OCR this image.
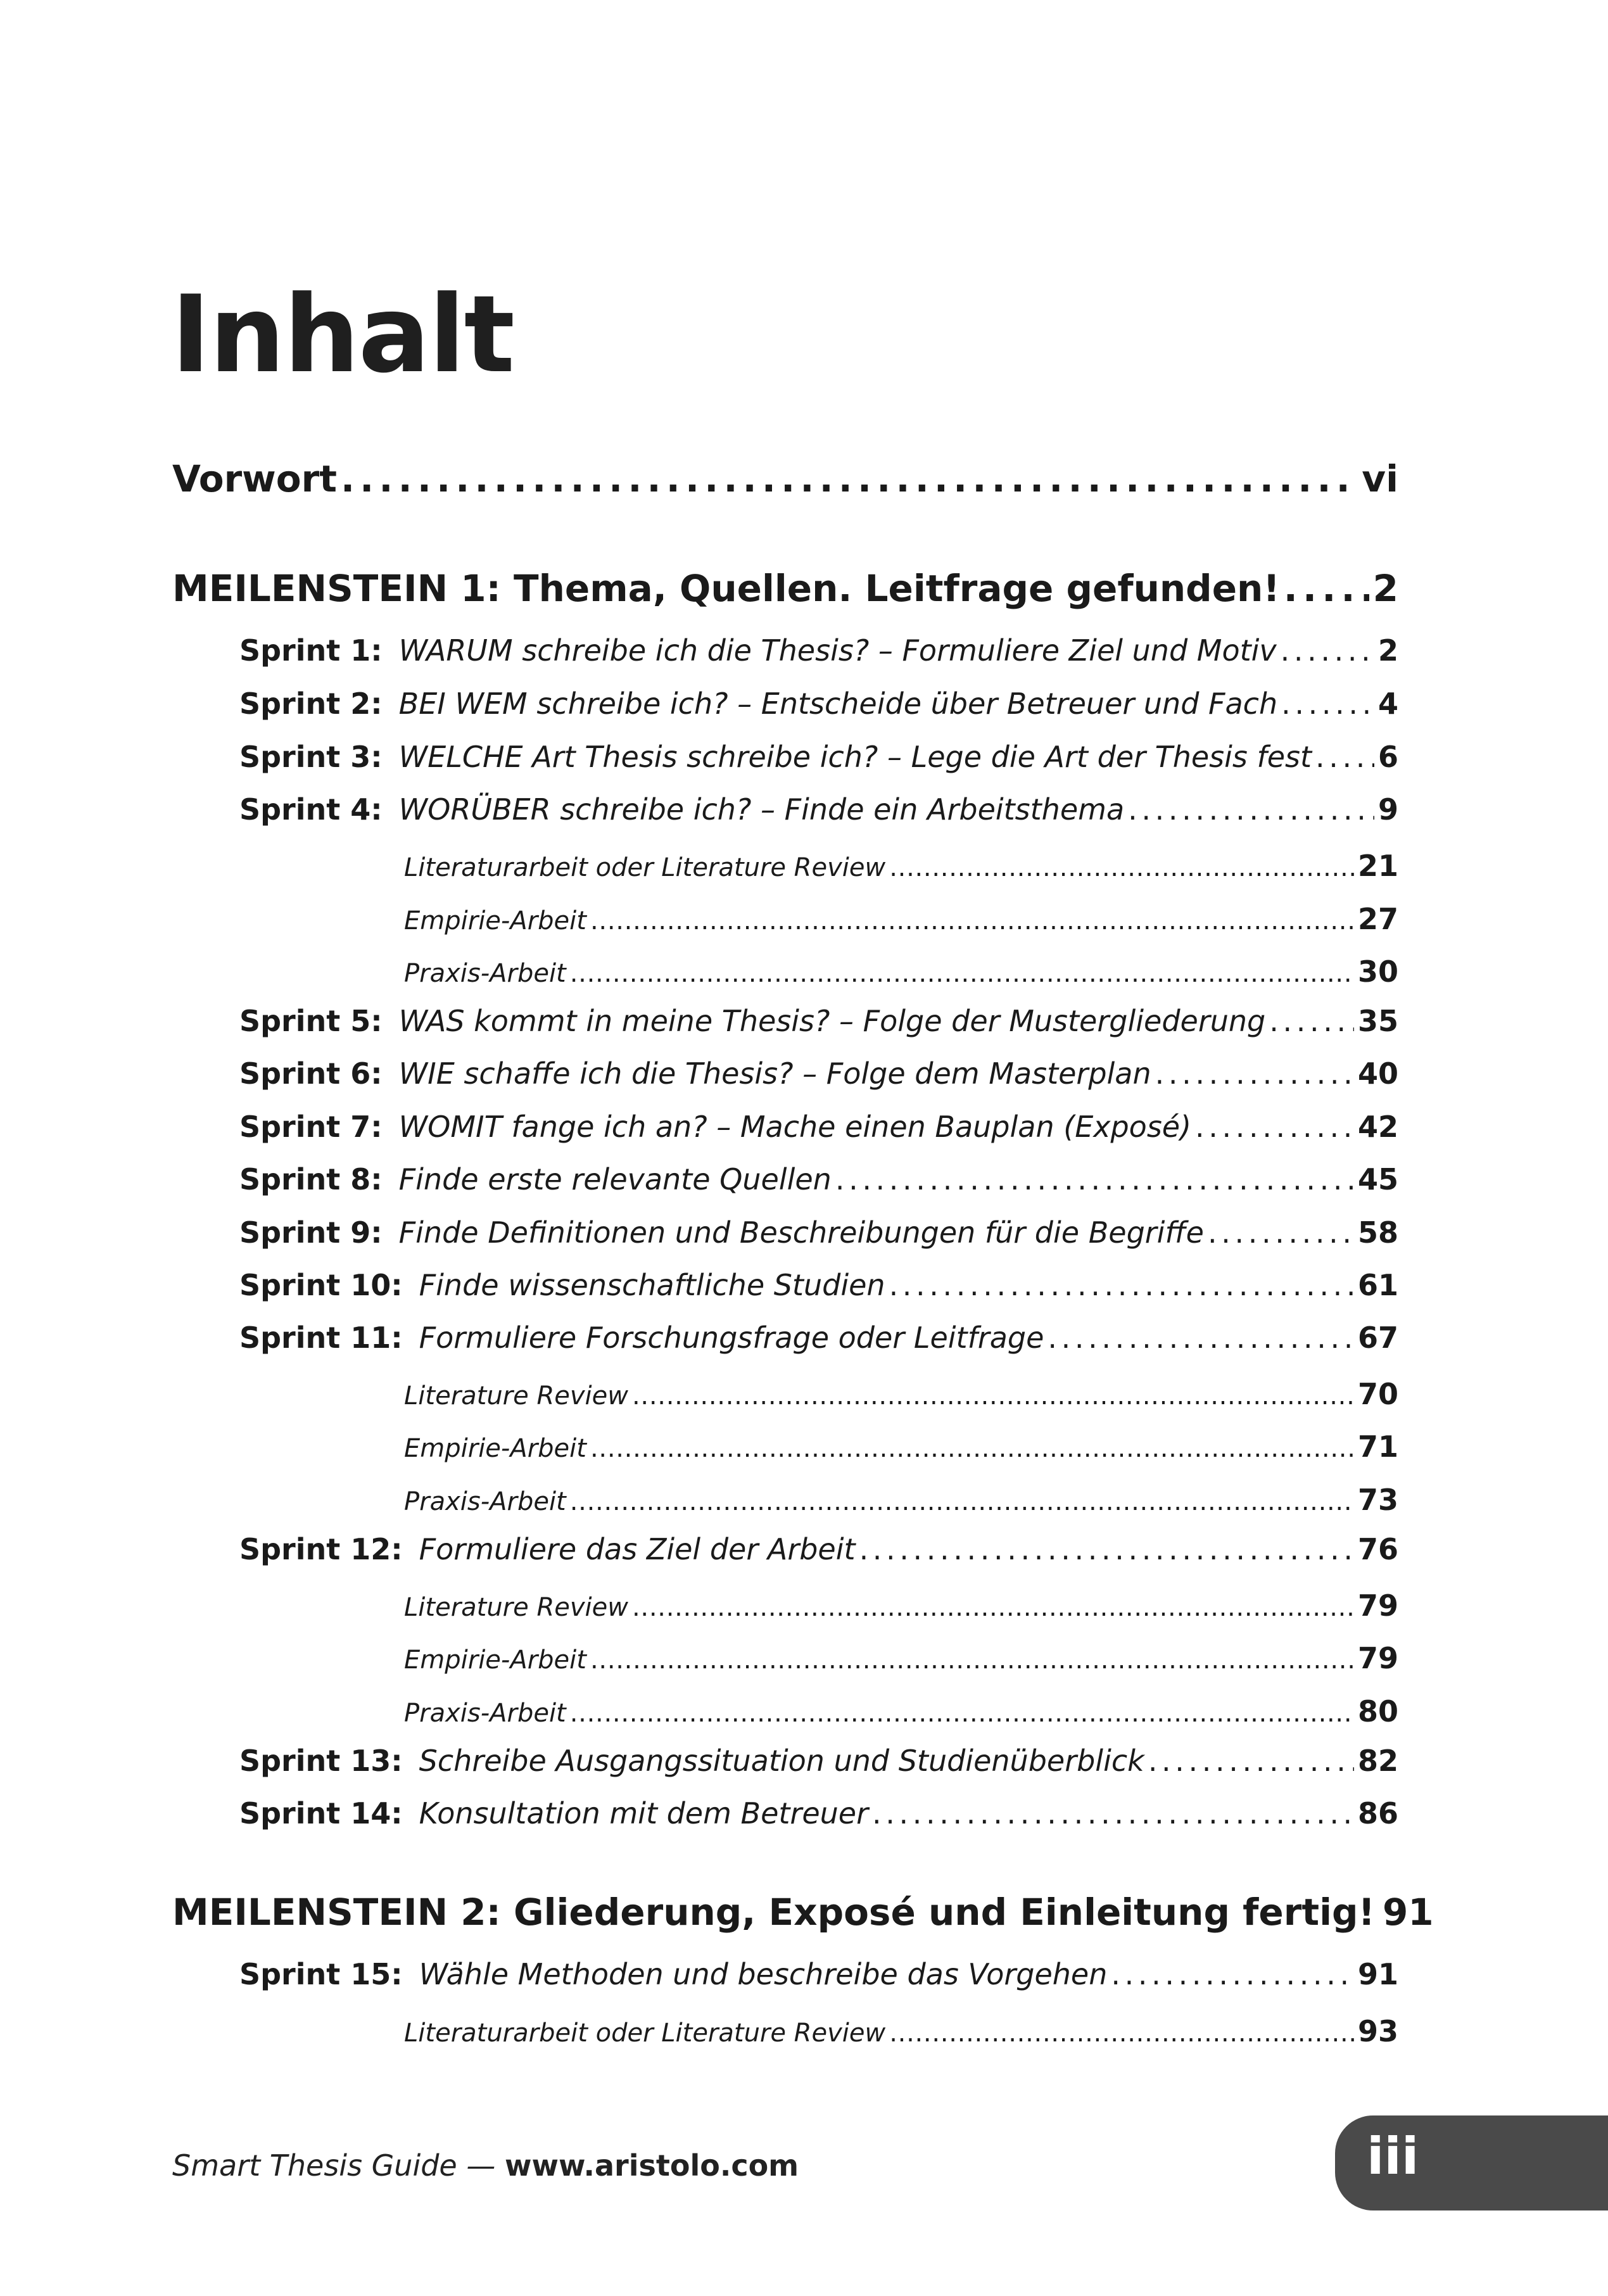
Inhalt
Vorwort . . .	vi
MEILENSTEIN 1: Thema, Quellen. Leitfrage gefunden! . . .	2
Sprint 1: WARUM schreibe ich die Thesis? – Formuliere Ziel und Motiv . . .	2
Sprint 2: BEI WEM schreibe ich? – Entscheide über Betreuer und Fach . . .	4
Sprint 3: WELCHE Art Thesis schreibe ich? – Lege die Art der Thesis fest . . . 6
Sprint 4: WORÜBER schreibe ich? – Finde ein Arbeitsthema . . .	9
Literaturarbeit oder Literature Review . . .	21
Empirie-Arbeit . . .	27
Praxis-Arbeit . . .	30
Sprint 5: WAS kommt in meine Thesis? – Folge der Mustergliederung . . .	35
Sprint 6: WIE schaffe ich die Thesis? – Folge dem Masterplan . . .	40
Sprint 7: WOMIT fange ich an? – Mache einen Bauplan (Exposé) . . .	42
Sprint 8: Finde erste relevante Quellen . . .	45
Sprint 9: Finde Definitionen und Beschreibungen für die Begriffe . . .	58
Sprint 10: Finde wissenschaftliche Studien . . .	61
Sprint 11: Formuliere Forschungsfrage oder Leitfrage . . .	67
Literature Review . . .	70
Empirie-Arbeit . . .	71
Praxis-Arbeit . . .	73
Sprint 12: Formuliere das Ziel der Arbeit . . .	76
Literature Review . . .	79
Empirie-Arbeit . . .	79
Praxis-Arbeit . . .	80
Sprint 13: Schreibe Ausgangssituation und Studienüberblick . . .	82
Sprint 14: Konsultation mit dem Betreuer . . .	86
MEILENSTEIN 2: Gliederung, Exposé und Einleitung fertig! 91
Sprint 15: Wähle Methoden und beschreibe das Vorgehen . . .	91
Literaturarbeit oder Literature Review . . .	93
Smart Thesis Guide — www.aristolo.com	iii
